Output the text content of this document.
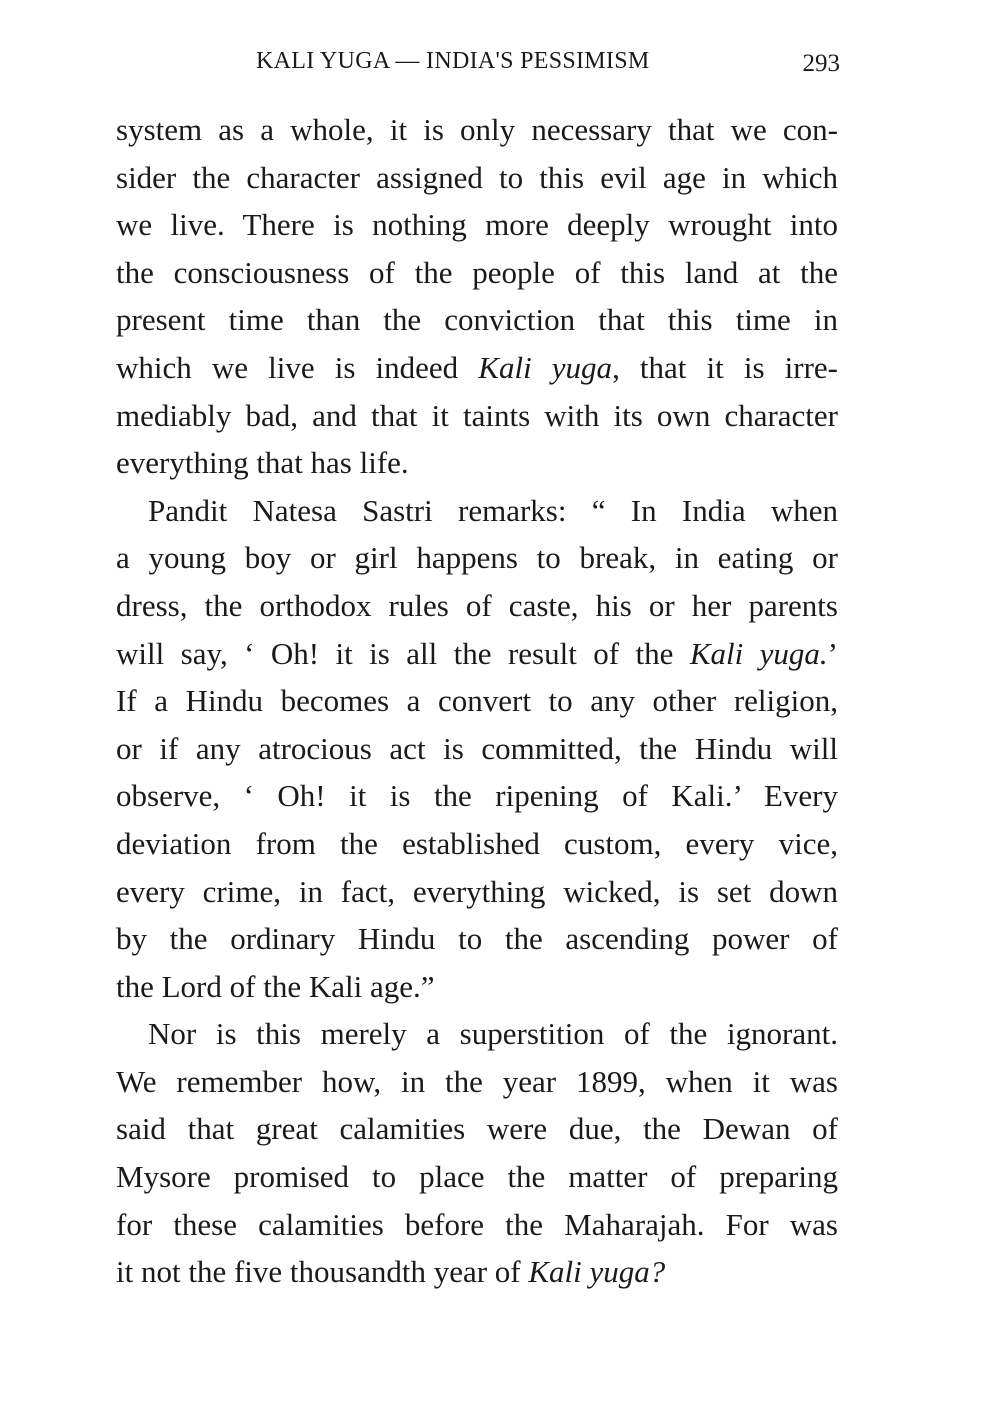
KALI YUGA — INDIA'S PESSIMISM	293
system as a whole, it is only necessary that we con-
sider the character assigned to this evil age in which
we live. There is nothing more deeply wrought into
the consciousness of the people of this land at the
present time than the conviction that this time in
which we live is indeed Kali yuga, that it is irre-
mediably bad, and that it taints with its own character
everything that has life.
Pandit Natesa Sastri remarks: “ In India when
a young boy or girl happens to break, in eating or
dress, the orthodox rules of caste, his or her parents
will say, ‘ Oh! it is all the result of the Kali yuga.’
If a Hindu becomes a convert to any other religion,
or if any atrocious act is committed, the Hindu will
observe, ‘ Oh! it is the ripening of Kali.’ Every
deviation from the established custom, every vice,
every crime, in fact, everything wicked, is set down
by the ordinary Hindu to the ascending power of
the Lord of the Kali age.”
Nor is this merely a superstition of the ignorant.
We remember how, in the year 1899, when it was
said that great calamities were due, the Dewan of
Mysore promised to place the matter of preparing
for these calamities before the Maharajah. For was
it not the five thousandth year of Kali yuga?
